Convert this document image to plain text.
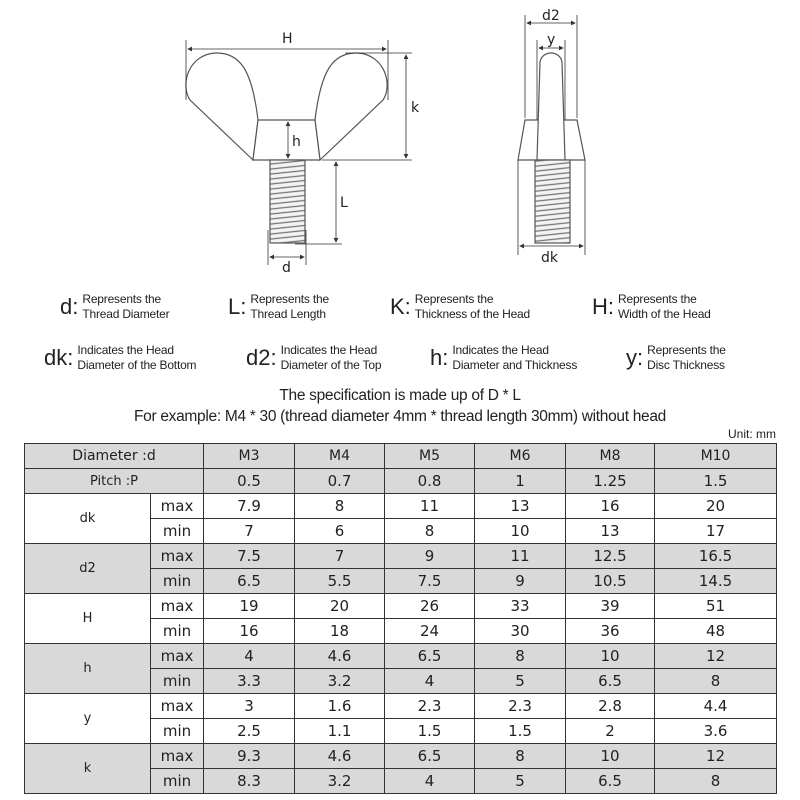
H
k
h
L
d
d2
y
dk
d: Represents the
Thread Diameter	L: Represents the
Thread Length	K: Represents the
Thickness of the Head	H: Represents the
Width of the Head
dk: Indicates the Head
Diameter of the Bottom d2: Indicates the Head
Diameter of the Top h: Indicates the Head
Diameter and Thickness y: Represents the
Disc Thickness
The specification is made up of D * L
For example: M4 * 30 (thread diameter 4mm * thread length 30mm) without head
Unit: mm
Diameter :d		M3	M4	M5	M6	M8	M10
Pitch :P		0.5	0.7	0.8	1	1.25	1.5
dk	max	7.9	8	11	13	16	20
	min	7	6	8	10	13	17
d2	max	7.5	7	9	11	12.5	16.5
	min	6.5	5.5	7.5	9	10.5	14.5
H	max	19	20	26	33	39	51
	min	16	18	24	30	36	48
h	max	4	4.6	6.5	8	10	12
	min	3.3	3.2	4	5	6.5	8
y	max	3	1.6	2.3	2.3	2.8	4.4
	min	2.5	1.1	1.5	1.5	2	3.6
k	max	9.3	4.6	6.5	8	10	12
	min	8.3	3.2	4	5	6.5	8
